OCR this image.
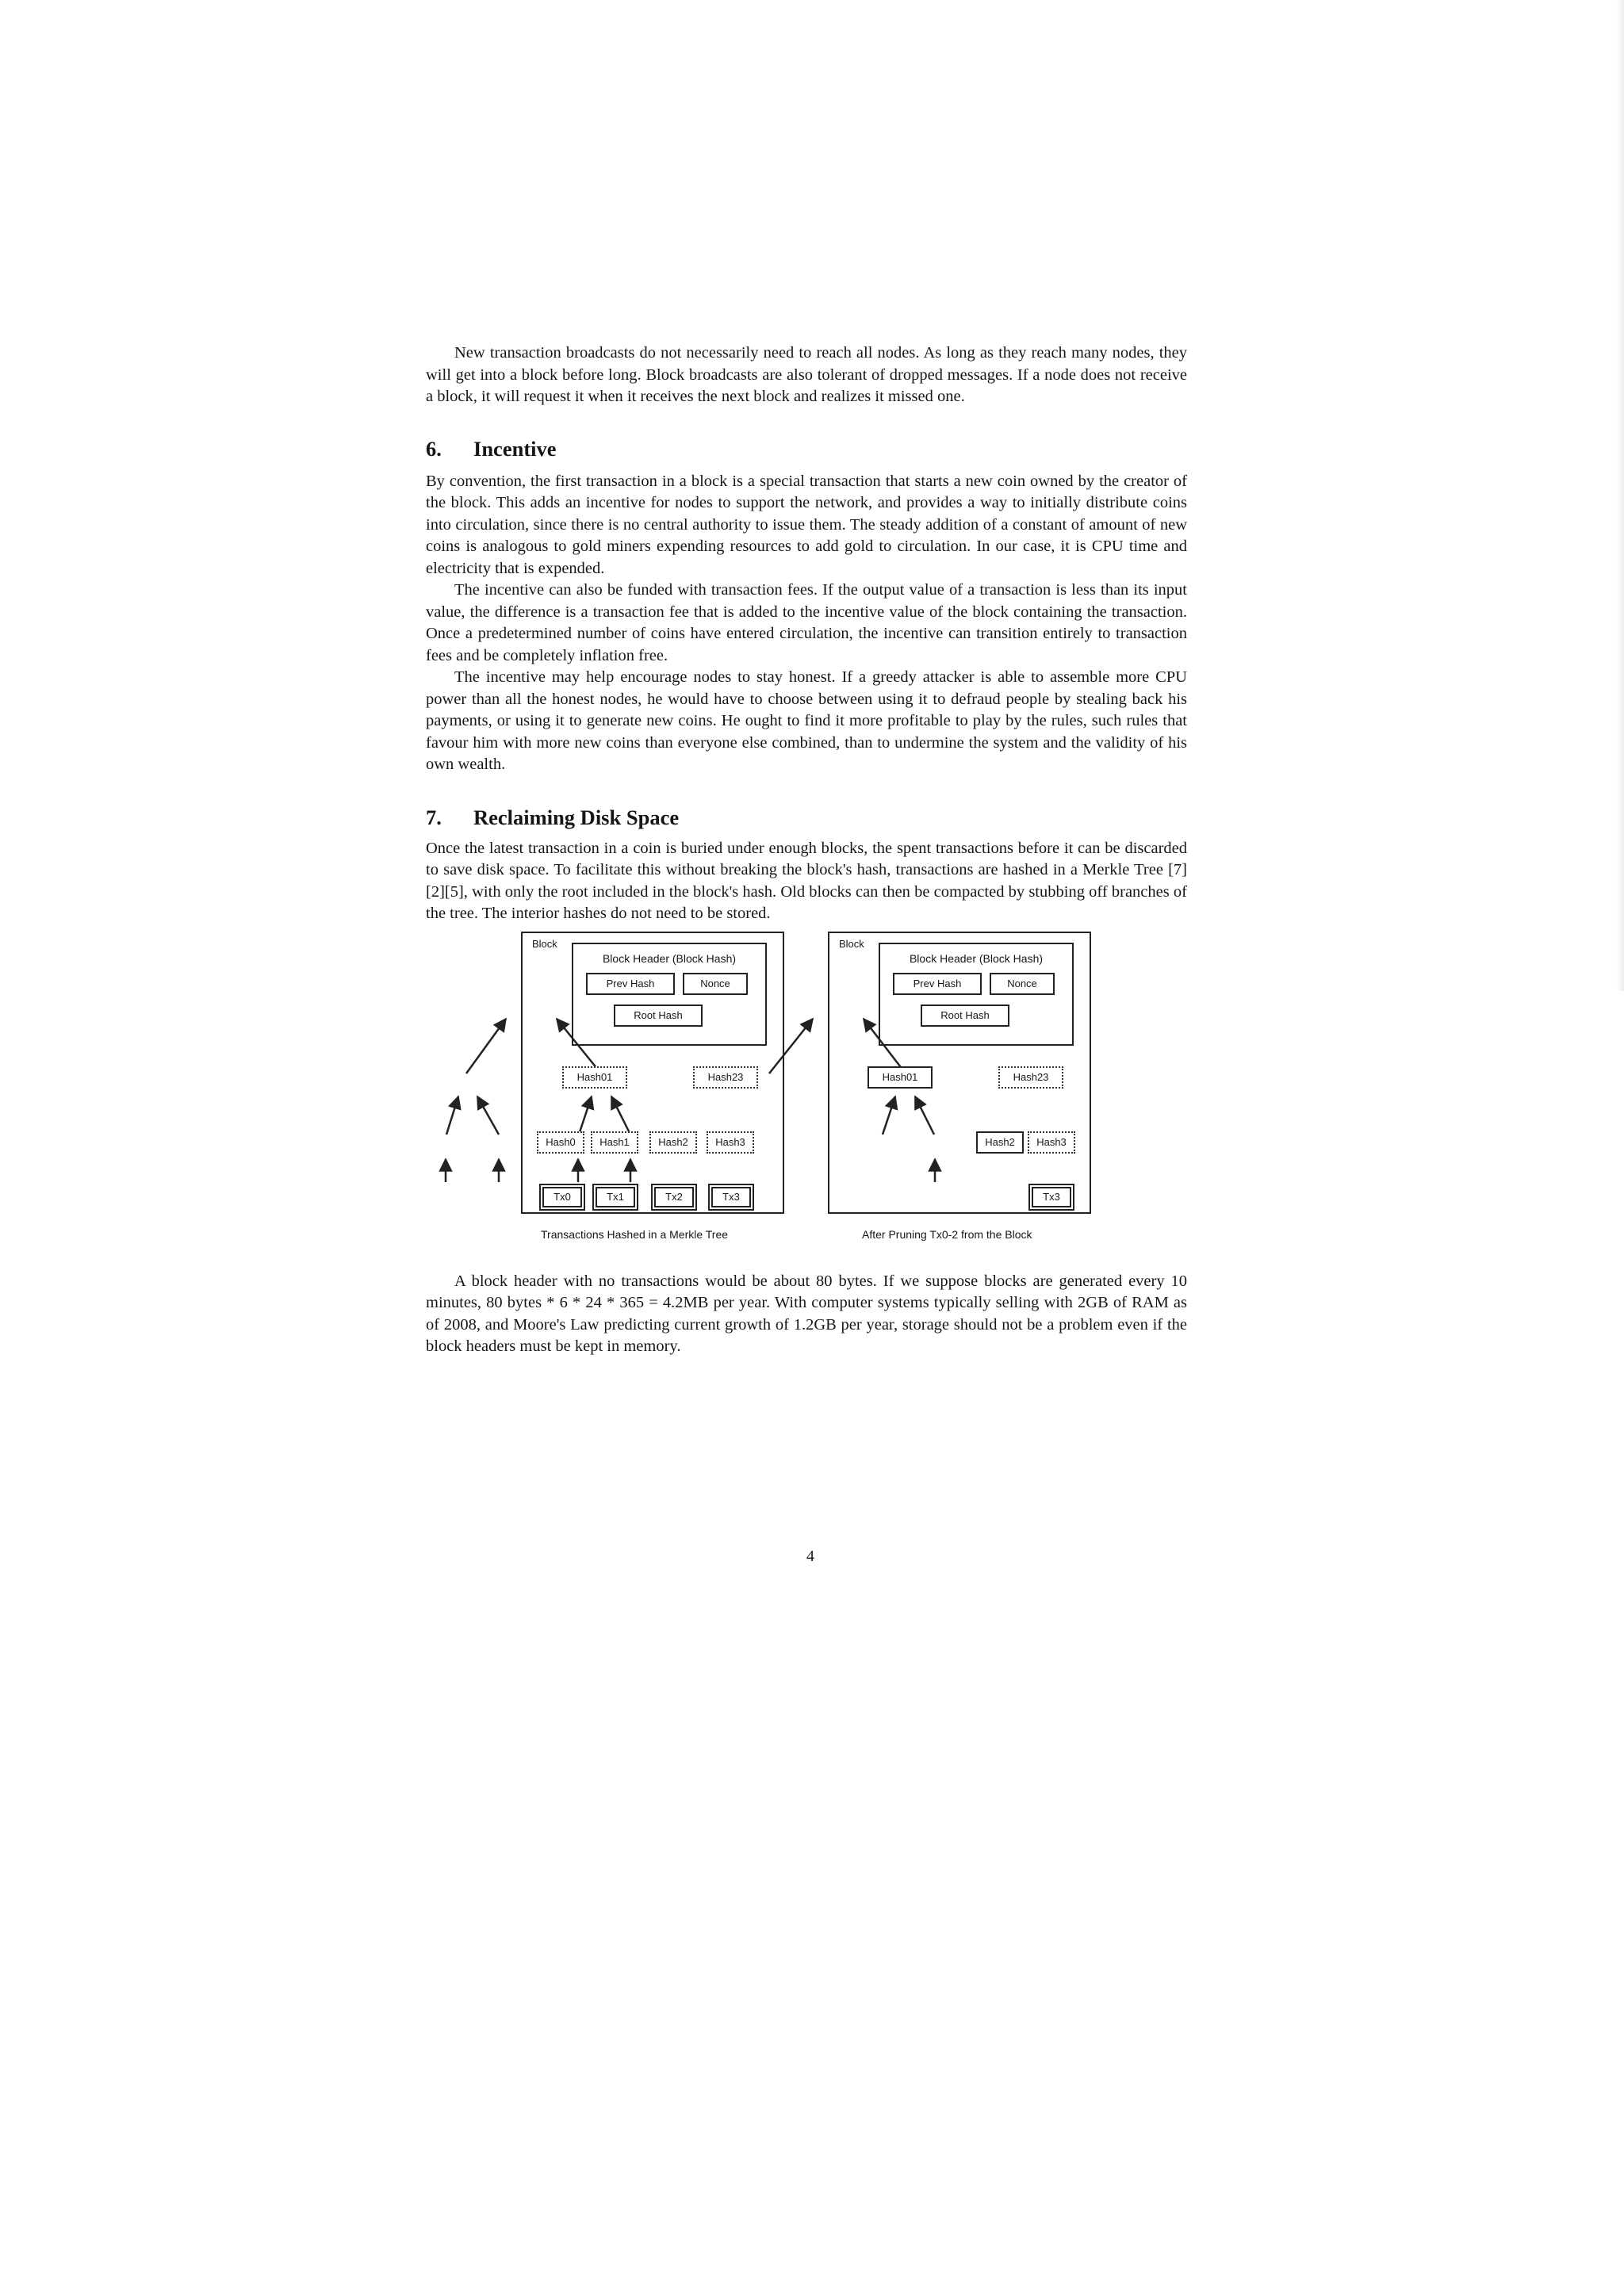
New transaction broadcasts do not necessarily need to reach all nodes. As long as they reach many nodes, they will get into a block before long. Block broadcasts are also tolerant of dropped messages. If a node does not receive a block, it will request it when it receives the next block and realizes it missed one.

6. Incentive

By convention, the first transaction in a block is a special transaction that starts a new coin owned by the creator of the block. This adds an incentive for nodes to support the network, and provides a way to initially distribute coins into circulation, since there is no central authority to issue them. The steady addition of a constant of amount of new coins is analogous to gold miners expending resources to add gold to circulation. In our case, it is CPU time and electricity that is expended.

The incentive can also be funded with transaction fees. If the output value of a transaction is less than its input value, the difference is a transaction fee that is added to the incentive value of the block containing the transaction. Once a predetermined number of coins have entered circulation, the incentive can transition entirely to transaction fees and be completely inflation free.

The incentive may help encourage nodes to stay honest. If a greedy attacker is able to assemble more CPU power than all the honest nodes, he would have to choose between using it to defraud people by stealing back his payments, or using it to generate new coins. He ought to find it more profitable to play by the rules, such rules that favour him with more new coins than everyone else combined, than to undermine the system and the validity of his own wealth.

7. Reclaiming Disk Space

Once the latest transaction in a coin is buried under enough blocks, the spent transactions before it can be discarded to save disk space. To facilitate this without breaking the block's hash, transactions are hashed in a Merkle Tree [7][2][5], with only the root included in the block's hash. Old blocks can then be compacted by stubbing off branches of the tree. The interior hashes do not need to be stored.

Block
Block Header (Block Hash)
Prev Hash	Nonce
Root Hash
Hash01	Hash23
Hash0	Hash1	Hash2	Hash3
Tx0	Tx1	Tx2	Tx3
Transactions Hashed in a Merkle Tree
Block
Block Header (Block Hash)
Prev Hash	Nonce
Root Hash
Hash01	Hash23
Hash2	Hash3
Tx3
After Pruning Tx0-2 from the Block

A block header with no transactions would be about 80 bytes. If we suppose blocks are generated every 10 minutes, 80 bytes * 6 * 24 * 365 = 4.2MB per year. With computer systems typically selling with 2GB of RAM as of 2008, and Moore's Law predicting current growth of 1.2GB per year, storage should not be a problem even if the block headers must be kept in memory.

4
